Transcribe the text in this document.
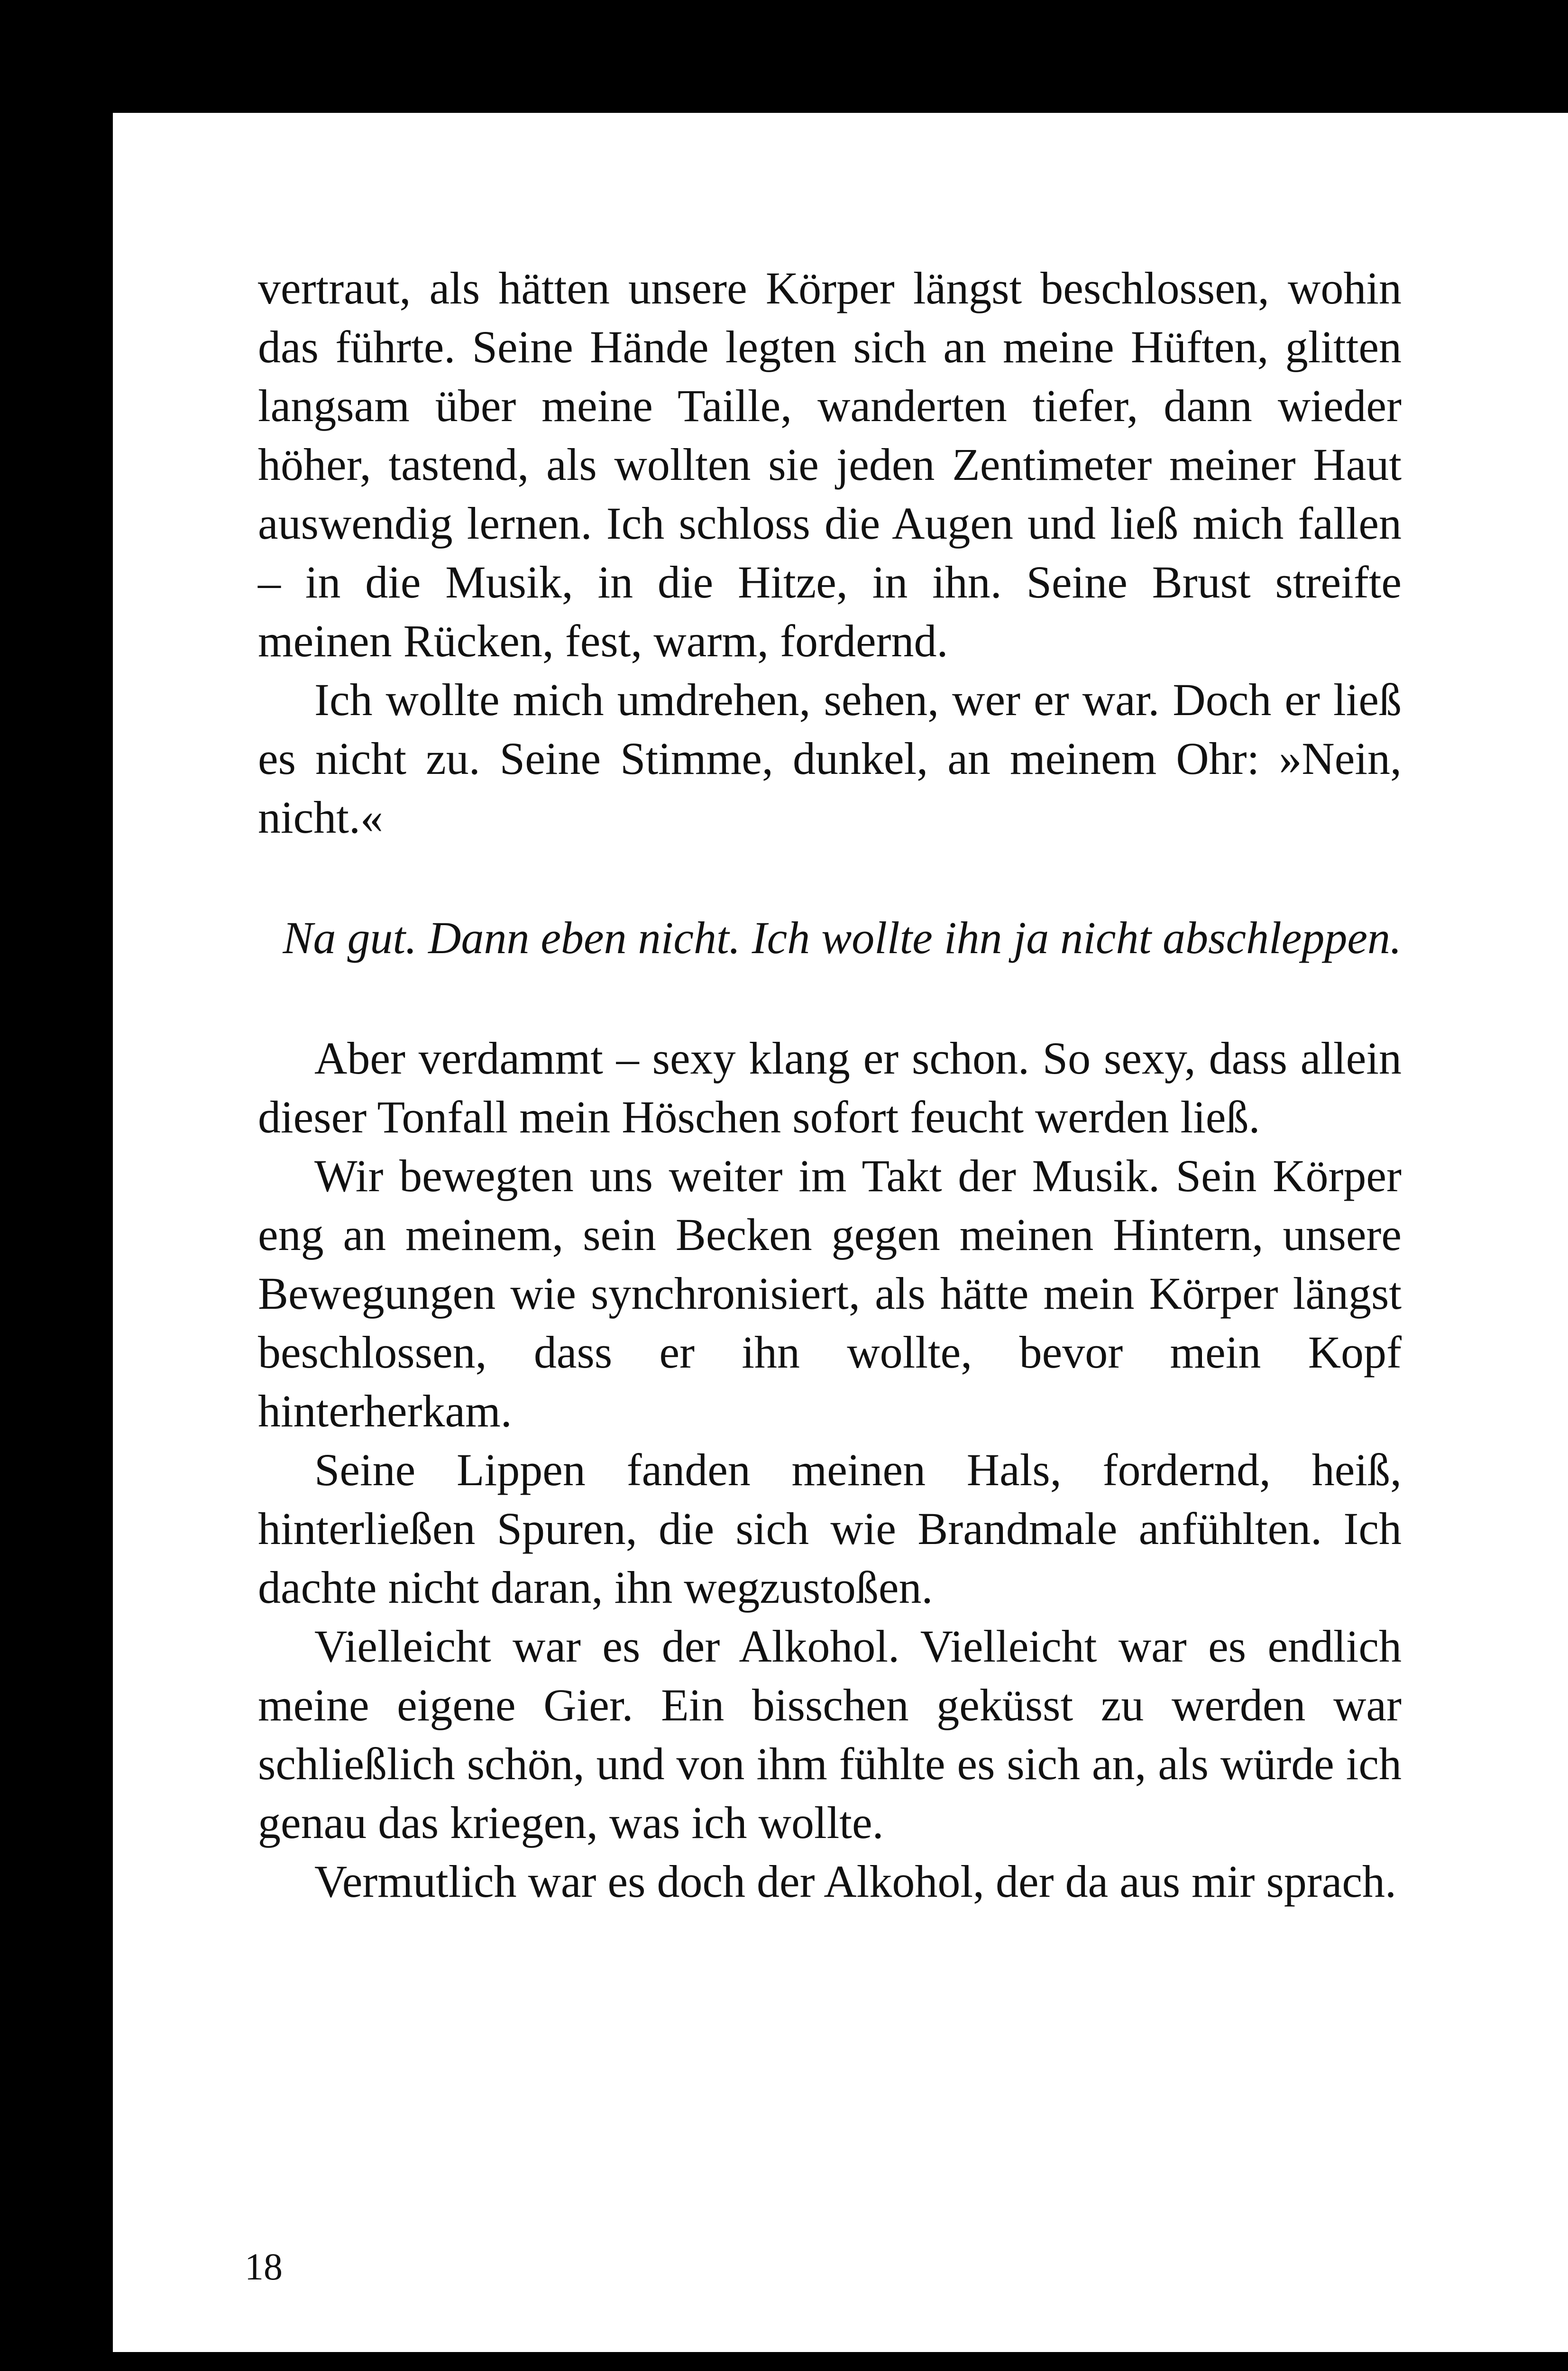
vertraut, als hätten unsere Körper längst beschlossen, wohin das führte. Seine Hände legten sich an meine Hüften, glitten langsam über meine Taille, wanderten tiefer, dann wieder höher, tastend, als wollten sie jeden Zentimeter meiner Haut auswendig lernen. Ich schloss die Augen und ließ mich fallen – in die Musik, in die Hitze, in ihn. Seine Brust streifte meinen Rücken, fest, warm, fordernd.

Ich wollte mich umdrehen, sehen, wer er war. Doch er ließ es nicht zu. Seine Stimme, dunkel, an meinem Ohr: »Nein, nicht.«

Na gut. Dann eben nicht. Ich wollte ihn ja nicht abschleppen.

Aber verdammt – sexy klang er schon. So sexy, dass allein dieser Tonfall mein Höschen sofort feucht werden ließ.

Wir bewegten uns weiter im Takt der Musik. Sein Körper eng an meinem, sein Becken gegen meinen Hintern, unsere Bewegungen wie synchronisiert, als hätte mein Körper längst beschlossen, dass er ihn wollte, bevor mein Kopf hinterherkam.

Seine Lippen fanden meinen Hals, fordernd, heiß, hinterließen Spuren, die sich wie Brandmale anfühlten. Ich dachte nicht daran, ihn wegzustoßen.

Vielleicht war es der Alkohol. Vielleicht war es endlich meine eigene Gier. Ein bisschen geküsst zu werden war schließlich schön, und von ihm fühlte es sich an, als würde ich genau das kriegen, was ich wollte.

Vermutlich war es doch der Alkohol, der da aus mir sprach.

18
